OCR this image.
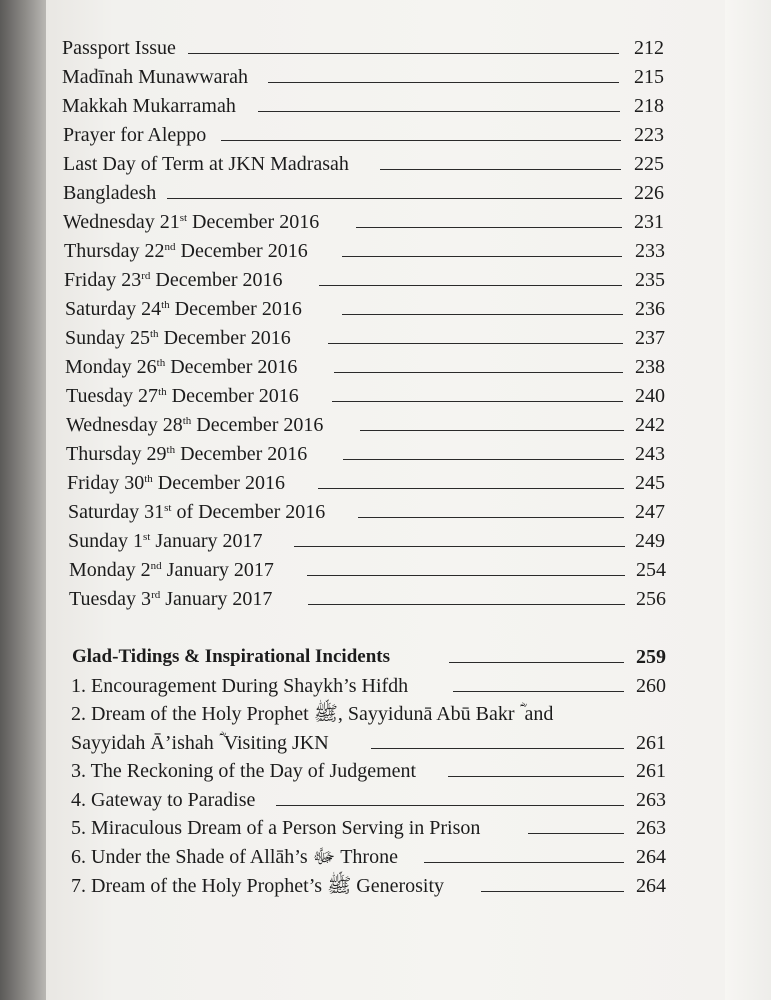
Passport Issue	212
Madīnah Munawwarah	215
Makkah Mukarramah	218
Prayer for Aleppo	223
Last Day of Term at JKN Madrasah	225
Bangladesh	226
Wednesday 21st December 2016	231
Thursday 22nd December 2016	233
Friday 23rd December 2016	235
Saturday 24th December 2016	236
Sunday 25th December 2016	237
Monday 26th December 2016	238
Tuesday 27th December 2016	240
Wednesday 28th December 2016	242
Thursday 29th December 2016	243
Friday 30th December 2016	245
Saturday 31st of December 2016	247
Sunday 1st January 2017	249
Monday 2nd January 2017	254
Tuesday 3rd January 2017	256
Glad-Tidings & Inspirational Incidents	259
1. Encouragement During Shaykh’s Hifdh	260
2. Dream of the Holy Prophet ﷺ, Sayyidunā Abū Bakr ؓ and
Sayyidah Ā’ishah ؓ Visiting JKN	261
3. The Reckoning of the Day of Judgement	261
4. Gateway to Paradise	263
5. Miraculous Dream of a Person Serving in Prison	263
6. Under the Shade of Allāh’s ﷻ Throne	264
7. Dream of the Holy Prophet’s ﷺ Generosity	264
